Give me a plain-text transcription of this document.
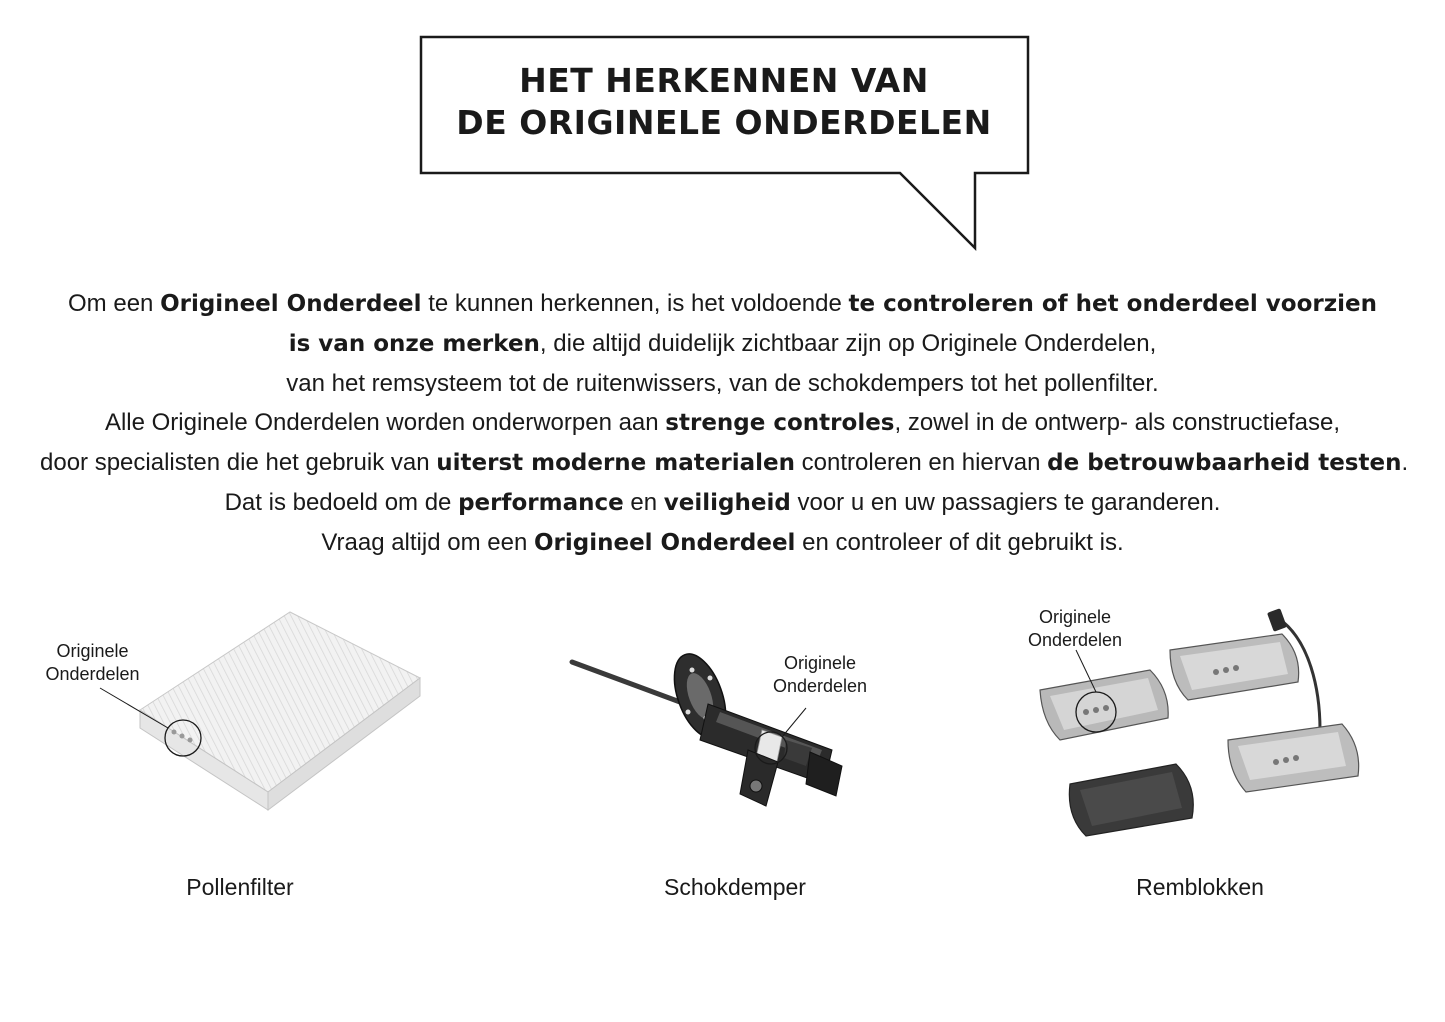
HET HERKENNEN VAN
DE ORIGINELE ONDERDELEN

Om een Origineel Onderdeel te kunnen herkennen, is het voldoende te controleren of het onderdeel voorzien
is van onze merken, die altijd duidelijk zichtbaar zijn op Originele Onderdelen,
van het remsysteem tot de ruitenwissers, van de schokdempers tot het pollenfilter.
Alle Originele Onderdelen worden onderworpen aan strenge controles, zowel in de ontwerp- als constructiefase,
door specialisten die het gebruik van uiterst moderne materialen controleren en hiervan de betrouwbaarheid testen.
Dat is bedoeld om de performance en veiligheid voor u en uw passagiers te garanderen.
Vraag altijd om een Origineel Onderdeel en controleer of dit gebruikt is.

Originele
Onderdelen
Pollenfilter
Originele
Onderdelen
Schokdemper
Originele
Onderdelen
Remblokken
